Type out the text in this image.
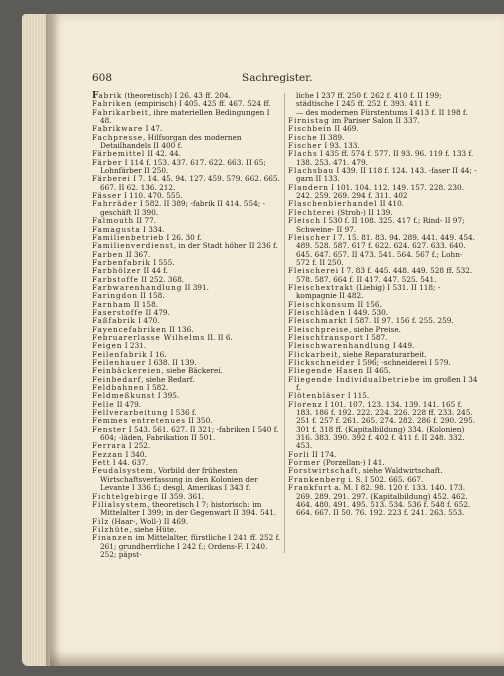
608	Sachregister.
Fabrik (theoretisch) I 26. 43 ff. 204.
Fabriken (empirisch) I 405. 425 ff. 467. 524 ff.
Fabrikarbeit, ihre materiellen Bedingungen I 48.
Fabrikware I 47.
Fachpresse, Hilfsorgan des modernen Detailhandels II 400 f.
Färbemittel II 42. 44.
Färber I 114 f. 153. 437. 617. 622. 663. II 65; Lohnfärber II 250.
Färberei I 7. 14. 45. 94. 127. 459. 579. 662. 665. 667. II 62. 136. 212.
Fässer I 110. 470. 555.
Fahrräder I 582. II 389; -fabrik II 414. 554; -geschäft II 390.
Falmouth II 77.
Famagusta I 334.
Familienbetrieb I 26. 30 f.
Familienverdienst, in der Stadt höher II 236 f.
Farben II 367.
Farbenfabrik I 555.
Farbhölzer II 44 f.
Farbstoffe II 252. 368.
Farbwarenhandlung II 391.
Faringdon II 158.
Farnham II 158.
Faserstoffe II 479.
Faßfabrik I 470.
Fayencefabriken II 136.
Februarerlasse Wilhelms II. II 6.
Feigen I 231.
Feilenfabrik I 16.
Feilenhauer I 638. II 139.
Feinbäckereien, siehe Bäckerei.
Feinbedarf, siehe Bedarf.
Feldbahnen I 582.
Feldmeßkunst I 395.
Felle II 479.
Fellverarbeitung I 536 f.
Femmes entretenues II 350.
Fenster I 543. 561. 627. II 321; -fabriken I 540 f. 604; -läden, Fabrikation II 501.
Ferrara I 252.
Fezzan I 340.
Fett I 44. 637.
Feudalsystem, Vorbild der frühesten Wirtschaftsverfassung in den Kolonien der Levante I 336 f.; desgl. Amerikas I 343 f.
Fichtelgebirge II 359. 361.
Filialsystem, theoretisch I 7; historisch: im Mittelalter I 399; in der Gegenwart II 394. 541.
Filz (Haar-, Woll-) II 469.
Filzhüte, siehe Hüte.
Finanzen im Mittelalter, fürstliche I 241 ff. 252 f. 261; grundherrliche I 242 f.; Ordens-F. I 240. 252; päpst-
liche I 237 ff. 250 f. 262 f. 410 f. II 199; städtische I 245 ff. 252 f. 393. 411 f.
— des modernen Fürstentums I 413 f. II 198 f.
Firnistag im Pariser Salon II 337.
Fischbein II 469.
Fische II 389.
Fischer I 93. 133.
Flachs I 435 ff. 574 f. 577. II 93. 96. 119 f. 133 f. 138. 253. 471. 479.
Flachsbau I 439. II 118 f. 124. 143. -faser II 44; -garn II 133.
Flandern I 101. 104. 112. 149. 157. 228. 230. 242. 259. 269. 294 f. 311. 402
Flaschenbierhandel II 410.
Flechterei (Stroh-) II 139.
Fleisch I 530 f. II 108. 325. 417 f.; Rind- II 97; Schweine- II 97.
Fleischer I 7. 15. 81. 83. 94. 289. 441. 449. 454. 489. 528. 587. 617 f. 622. 624. 627. 633. 640. 645. 647. 657. II 473. 541. 564. 567 f.; Lohn- 572 f. II 250.
Fleischerei I 7. 83 f. 445. 448. 449. 528 ff. 532. 578. 587. 664 f. II 417. 447. 525. 541.
Fleischextrakt (Liebig) I 531. II 118; -kompagnie II 482.
Fleischkonsum II 156.
Fleischläden I 449. 530.
Fleischmarkt I 587. II 97. 156 f. 255. 259.
Fleischpreise, siehe Preise.
Fleischtransport I 587.
Fleischwarenhandlung I 449.
Flickarbeit, siehe Reparaturarbeit.
Flickschneider I 596; -schneiderei I 579.
Fliegende Hasen II 465.
Fliegende Individualbetriebe im großen I 34 f.
Flötenbläser I 115.
Florenz I 101. 107. 123. 134. 139. 141. 165 f. 183. 186 f. 192. 222. 224. 226. 228 ff. 233. 245. 251 f. 257 f. 261. 265. 274. 282. 286 f. 290. 295. 301 f. 318 ff. (Kapitalbildung) 334. (Kolonien) 316. 383. 390. 392 f. 402 f. 411 f. II 248. 332. 453.
Forli II 174.
Former (Porzellan-) I 41.
Forstwirtschaft, siehe Waldwirtschaft.
Frankenberg i. S. I 502. 665. 667.
Frankfurt a. M. I 82. 98. 120 f. 133. 140. 173. 269. 289. 291. 297. (Kapitalbildung) 452. 462. 464. 480. 491. 495. 513. 534. 536 f. 548 f. 652. 664. 667. II 50. 76. 192. 223 f. 241. 263. 553.
